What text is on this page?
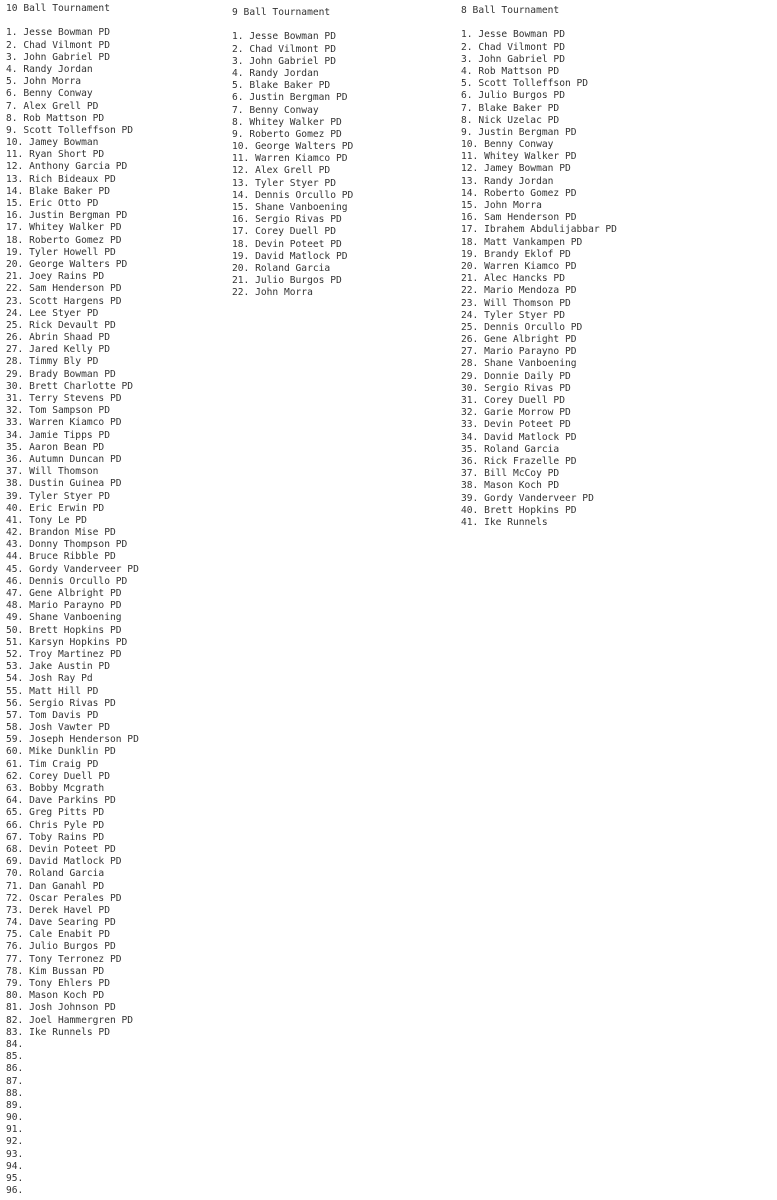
10 Ball Tournament
1. Jesse Bowman PD
2. Chad Vilmont PD
3. John Gabriel PD
4. Randy Jordan
5. John Morra
6. Benny Conway
7. Alex Grell PD
8. Rob Mattson PD
9. Scott Tolleffson PD
10. Jamey Bowman
11. Ryan Short PD
12. Anthony Garcia PD
13. Rich Bideaux PD
14. Blake Baker PD
15. Eric Otto PD
16. Justin Bergman PD
17. Whitey Walker PD
18. Roberto Gomez PD
19. Tyler Howell PD
20. George Walters PD
21. Joey Rains PD
22. Sam Henderson PD
23. Scott Hargens PD
24. Lee Styer PD
25. Rick Devault PD
26. Abrin Shaad PD
27. Jared Kelly PD
28. Timmy Bly PD
29. Brady Bowman PD
30. Brett Charlotte PD
31. Terry Stevens PD
32. Tom Sampson PD
33. Warren Kiamco PD
34. Jamie Tipps PD
35. Aaron Bean PD
36. Autumn Duncan PD
37. Will Thomson
38. Dustin Guinea PD
39. Tyler Styer PD
40. Eric Erwin PD
41. Tony Le PD
42. Brandon Mise PD
43. Donny Thompson PD
44. Bruce Ribble PD
45. Gordy Vanderveer PD
46. Dennis Orcullo PD
47. Gene Albright PD
48. Mario Parayno PD
49. Shane Vanboening
50. Brett Hopkins PD
51. Karsyn Hopkins PD
52. Troy Martinez PD
53. Jake Austin PD
54. Josh Ray Pd
55. Matt Hill PD
56. Sergio Rivas PD
57. Tom Davis PD
58. Josh Vawter PD
59. Joseph Henderson PD
60. Mike Dunklin PD
61. Tim Craig PD
62. Corey Duell PD
63. Bobby Mcgrath
64. Dave Parkins PD
65. Greg Pitts PD
66. Chris Pyle PD
67. Toby Rains PD
68. Devin Poteet PD
69. David Matlock PD
70. Roland Garcia
71. Dan Ganahl PD
72. Oscar Perales PD
73. Derek Havel PD
74. Dave Searing PD
75. Cale Enabit PD
76. Julio Burgos PD
77. Tony Terronez PD
78. Kim Bussan PD
79. Tony Ehlers PD
80. Mason Koch PD
81. Josh Johnson PD
82. Joel Hammergren PD
83. Ike Runnels PD
84.
85.
86.
87.
88.
89.
90.
91.
92.
93.
94.
95.
96.
9 Ball Tournament
1. Jesse Bowman PD
2. Chad Vilmont PD
3. John Gabriel PD
4. Randy Jordan
5. Blake Baker PD
6. Justin Bergman PD
7. Benny Conway
8. Whitey Walker PD
9. Roberto Gomez PD
10. George Walters PD
11. Warren Kiamco PD
12. Alex Grell PD
13. Tyler Styer PD
14. Dennis Orcullo PD
15. Shane Vanboening
16. Sergio Rivas PD
17. Corey Duell PD
18. Devin Poteet PD
19. David Matlock PD
20. Roland Garcia
21. Julio Burgos PD
22. John Morra
8 Ball Tournament
1. Jesse Bowman PD
2. Chad Vilmont PD
3. John Gabriel PD
4. Rob Mattson PD
5. Scott Tolleffson PD
6. Julio Burgos PD
7. Blake Baker PD
8. Nick Uzelac PD
9. Justin Bergman PD
10. Benny Conway
11. Whitey Walker PD
12. Jamey Bowman PD
13. Randy Jordan
14. Roberto Gomez PD
15. John Morra
16. Sam Henderson PD
17. Ibrahem Abdulijabbar PD
18. Matt Vankampen PD
19. Brandy Eklof PD
20. Warren Kiamco PD
21. Alec Hancks PD
22. Mario Mendoza PD
23. Will Thomson PD
24. Tyler Styer PD
25. Dennis Orcullo PD
26. Gene Albright PD
27. Mario Parayno PD
28. Shane Vanboening
29. Donnie Daily PD
30. Sergio Rivas PD
31. Corey Duell PD
32. Garie Morrow PD
33. Devin Poteet PD
34. David Matlock PD
35. Roland Garcia
36. Rick Frazelle PD
37. Bill McCoy PD
38. Mason Koch PD
39. Gordy Vanderveer PD
40. Brett Hopkins PD
41. Ike Runnels
